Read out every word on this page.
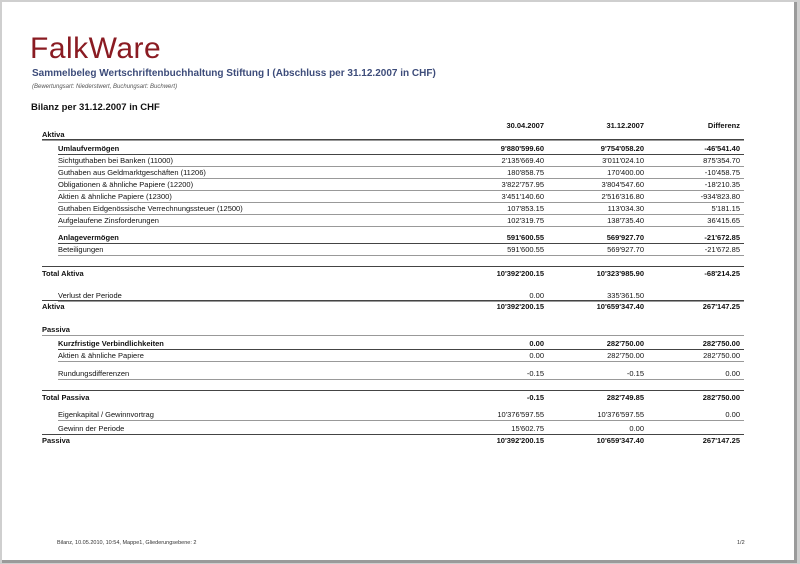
FalkWare
Sammelbeleg Wertschriftenbuchhaltung Stiftung I (Abschluss per 31.12.2007 in CHF)
(Bewertungsart: Niederstwert, Buchungsart: Buchwert)
Bilanz per 31.12.2007 in CHF
30.04.2007	31.12.2007	Differenz
Aktiva
Umlaufvermögen	9'880'599.60	9'754'058.20	-46'541.40
Sichtguthaben bei Banken (11000)	2'135'669.40	3'011'024.10	875'354.70
Guthaben aus Geldmarktgeschäften (11206)	180'858.75	170'400.00	-10'458.75
Obligationen & ähnliche Papiere (12200)	3'822'757.95	3'804'547.60	-18'210.35
Aktien & ähnliche Papiere (12300)	3'451'140.60	2'516'316.80	-934'823.80
Guthaben Eidgenössische Verrechnungssteuer (12500)	107'853.15	113'034.30	5'181.15
Aufgelaufene Zinsforderungen	102'319.75	138'735.40	36'415.65
Anlagevermögen	591'600.55	569'927.70	-21'672.85
Beteiligungen	591'600.55	569'927.70	-21'672.85
Total Aktiva	10'392'200.15	10'323'985.90	-68'214.25
Verlust der Periode	0.00	335'361.50
Aktiva	10'392'200.15	10'659'347.40	267'147.25
Passiva
Kurzfristige Verbindlichkeiten	0.00	282'750.00	282'750.00
Aktien & ähnliche Papiere	0.00	282'750.00	282'750.00
Rundungsdifferenzen	-0.15	-0.15	0.00
Total Passiva	-0.15	282'749.85	282'750.00
Eigenkapital / Gewinnvortrag	10'376'597.55	10'376'597.55	0.00
Gewinn der Periode	15'602.75	0.00
Passiva	10'392'200.15	10'659'347.40	267'147.25
Bilanz, 10.05.2010, 10:54, Mappe1, Gliederungsebene: 2	1/2
